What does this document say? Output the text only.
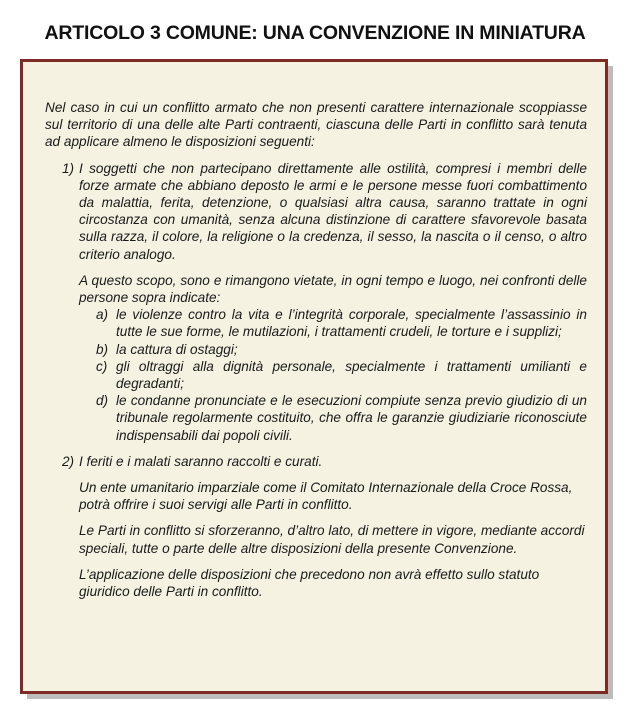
ARTICOLO 3 COMUNE: UNA CONVENZIONE IN MINIATURA

Nel caso in cui un conflitto armato che non presenti carattere internazionale scoppiasse sul territorio di una delle alte Parti contraenti, ciascuna delle Parti in conflitto sarà tenuta ad applicare almeno le disposizioni seguenti:

1) I soggetti che non partecipano direttamente alle ostilità, compresi i membri delle forze armate che abbiano deposto le armi e le persone messe fuori combattimento da malattia, ferita, detenzione, o qualsiasi altra causa, saranno trattate in ogni circostanza con umanità, senza alcuna distinzione di carattere sfavorevole basata sulla razza, il colore, la religione o la credenza, il sesso, la nascita o il censo, o altro criterio analogo.

A questo scopo, sono e rimangono vietate, in ogni tempo e luogo, nei confronti delle persone sopra indicate:

a) le violenze contro la vita e l’integrità corporale, specialmente l’assassinio in tutte le sue forme, le mutilazioni, i trattamenti crudeli, le torture e i supplizi;
b) la cattura di ostaggi;
c) gli oltraggi alla dignità personale, specialmente i trattamenti umilianti e degradanti;
d) le condanne pronunciate e le esecuzioni compiute senza previo giudizio di un tribunale regolarmente costituito, che offra le garanzie giudiziarie riconosciute indispensabili dai popoli civili.
2) I feriti e i malati saranno raccolti e curati.

Un ente umanitario imparziale come il Comitato Internazionale della Croce Rossa, potrà offrire i suoi servigi alle Parti in conflitto.

Le Parti in conflitto si sforzeranno, d’altro lato, di mettere in vigore, mediante accordi speciali, tutte o parte delle altre disposizioni della presente Convenzione.

L’applicazione delle disposizioni che precedono non avrà effetto sullo statuto giuridico delle Parti in conflitto.
